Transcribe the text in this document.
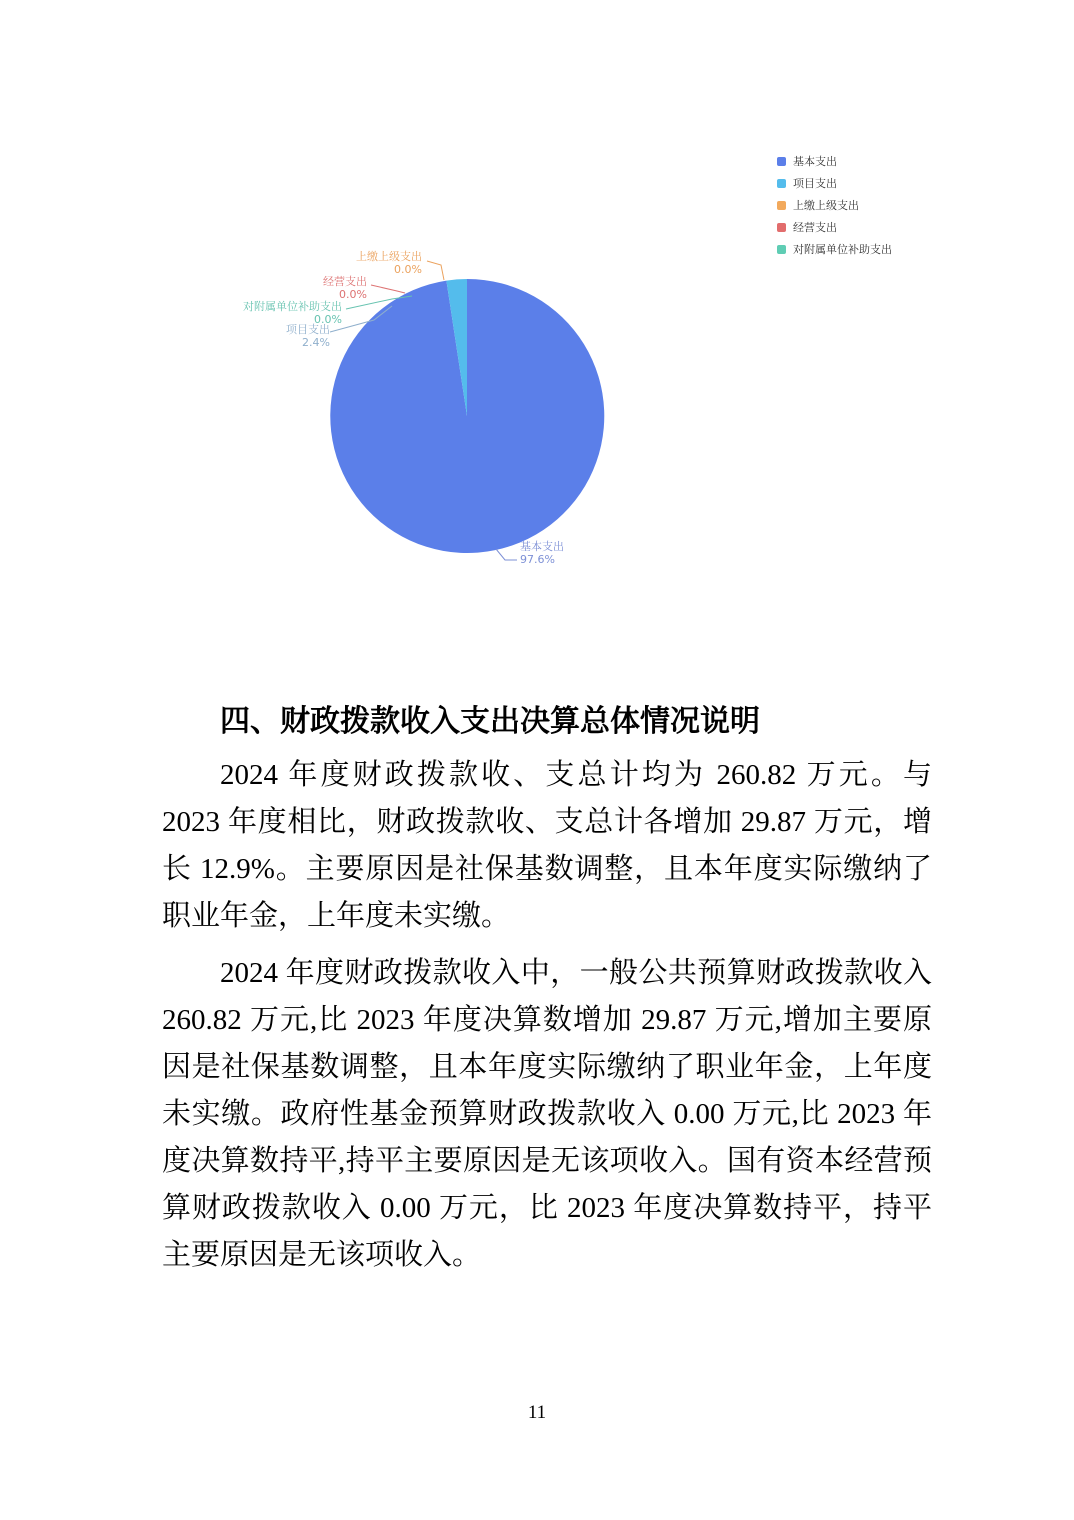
上缴上级支出
0.0%
经营支出
0.0%
对附属单位补助支出
0.0%
项目支出
2.4%
基本支出
97.6%
基本支出
项目支出
上缴上级支出
经营支出
对附属单位补助支出
四、财政拨款收入支出决算总体情况说明

2024 年度财政拨款收、支总计均为 260.82 万元。与 2023 年度相比，财政拨款收、支总计各增加 29.87 万元，增长 12.9%。主要原因是社保基数调整，且本年度实际缴纳了职业年金，上年度未实缴。

2024 年度财政拨款收入中，一般公共预算财政拨款收入 260.82 万元,比 2023 年度决算数增加 29.87 万元,增加主要原因是社保基数调整，且本年度实际缴纳了职业年金，上年度未实缴。政府性基金预算财政拨款收入 0.00 万元,比 2023 年度决算数持平,持平主要原因是无该项收入。国有资本经营预算财政拨款收入 0.00 万元，比 2023 年度决算数持平，持平主要原因是无该项收入。

11
